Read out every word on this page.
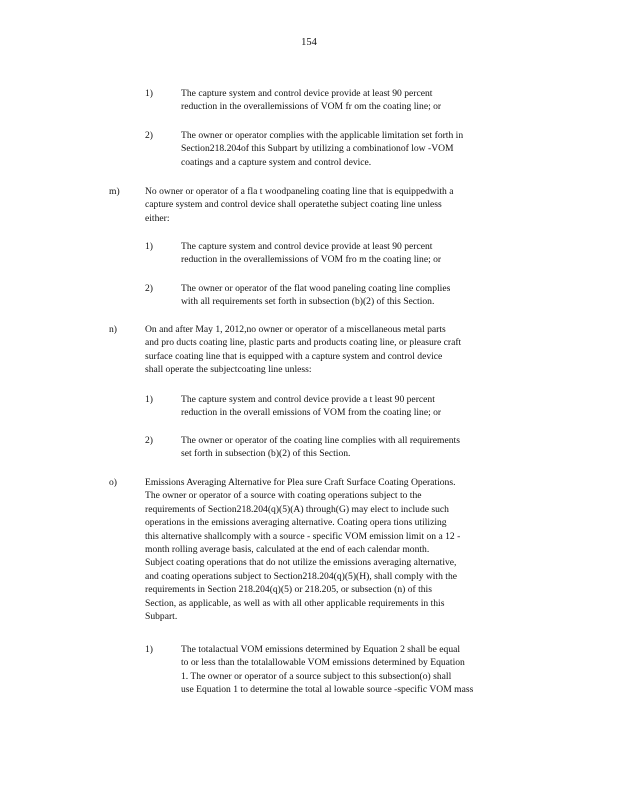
154
1)	The capture system and control device provide at least 90 percent
reduction in the overallemissions of VOM fr om the coating line; or
2)	The owner or operator complies with the applicable limitation set forth in
Section218.204of this Subpart by utilizing a combinationof low -VOM
coatings and a capture system and control device.
m)	No owner or operator of a fla t woodpaneling coating line that is equippedwith a
capture system and control device shall operatethe subject coating line unless
either:
1)	The capture system and control device provide at least 90 percent
reduction in the overallemissions of VOM fro m the coating line; or
2)	The owner or operator of the flat wood paneling coating line complies
with all requirements set forth in subsection (b)(2) of this Section.
n)	On and after May 1, 2012,no owner or operator of a miscellaneous metal parts
and pro ducts coating line, plastic parts and products coating line, or pleasure craft
surface coating line that is equipped with a capture system and control device
shall operate the subjectcoating line unless:
1)	The capture system and control device provide a t least 90 percent
reduction in the overall emissions of VOM from the coating line; or
2)	The owner or operator of the coating line complies with all requirements
set forth in subsection (b)(2) of this Section.
o)	Emissions Averaging Alternative for Plea sure Craft Surface Coating Operations.
The owner or operator of a source with coating operations subject to the
requirements of Section218.204(q)(5)(A) through(G) may elect to include such
operations in the emissions averaging alternative. Coating opera tions utilizing
this alternative shallcomply with a source - specific VOM emission limit on a 12 -
month rolling average basis, calculated at the end of each calendar month.
Subject coating operations that do not utilize the emissions averaging alternative,
and coating operations subject to Section218.204(q)(5)(H), shall comply with the
requirements in Section 218.204(q)(5) or 218.205, or subsection (n) of this
Section, as applicable, as well as with all other applicable requirements in this
Subpart.
1)	The totalactual VOM emissions determined by Equation 2 shall be equal
to or less than the totalallowable VOM emissions determined by Equation
1. The owner or operator of a source subject to this subsection(o) shall
use Equation 1 to determine the total al lowable source -specific VOM mass
